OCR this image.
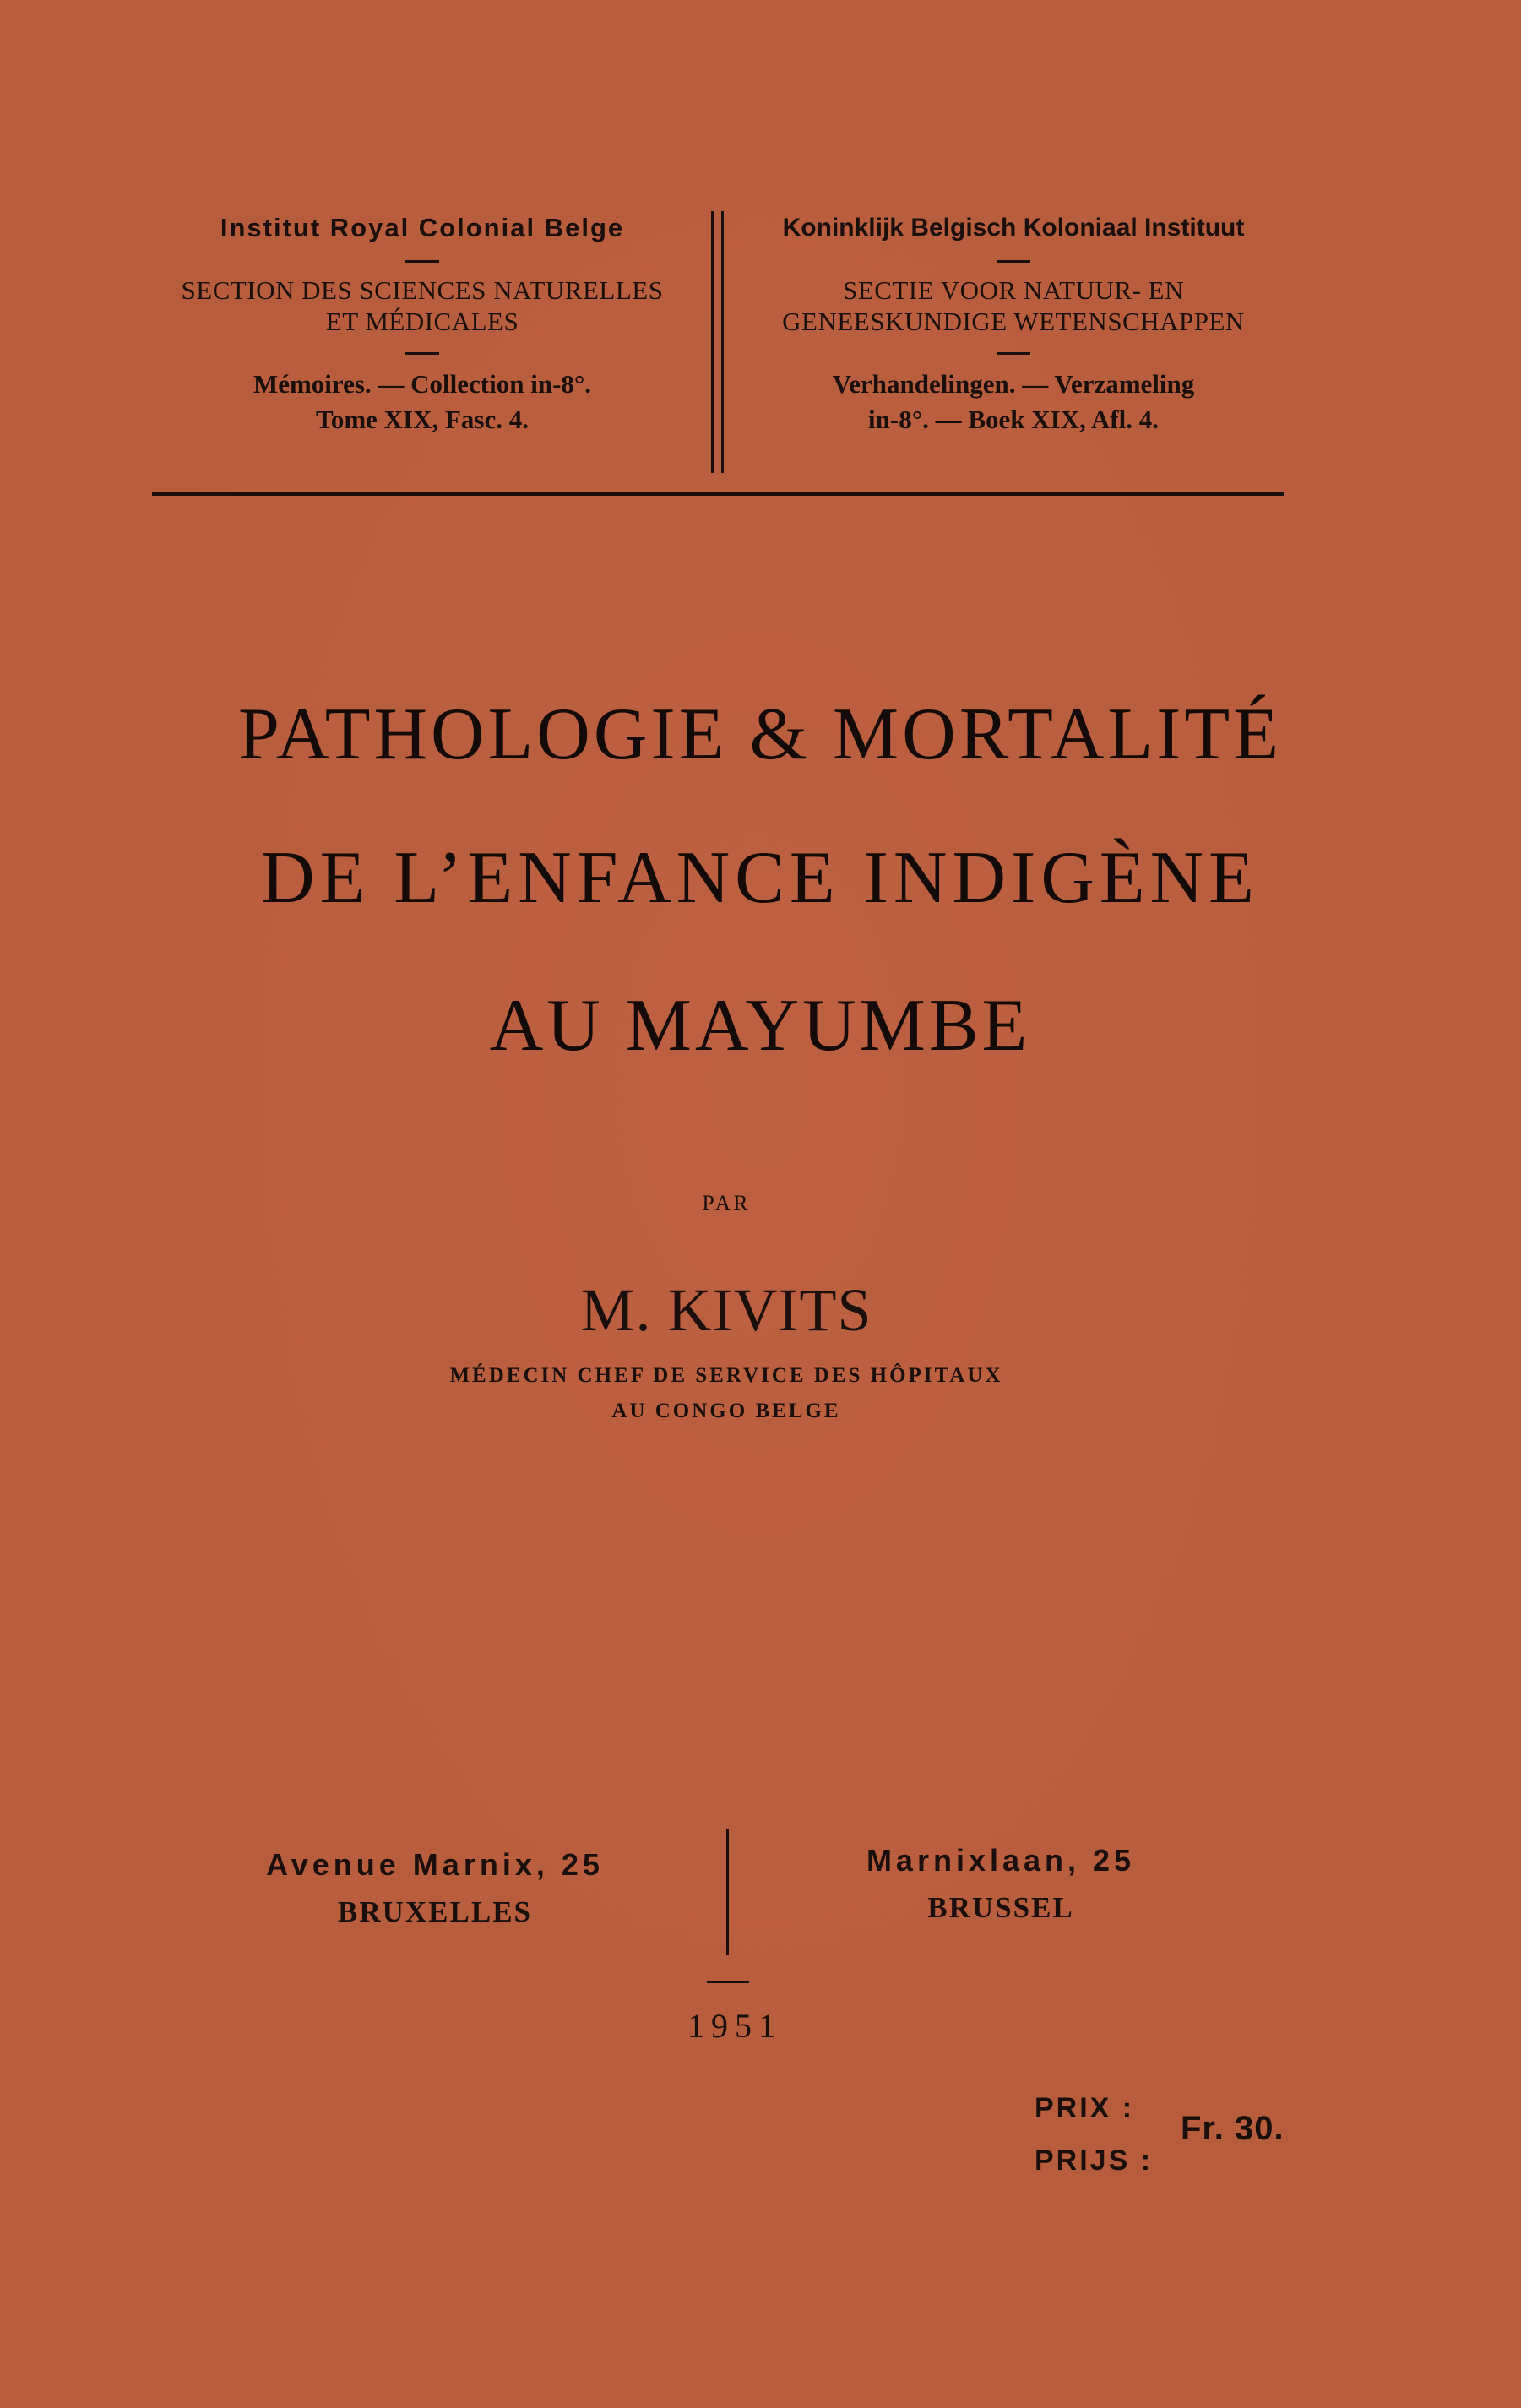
Institut Royal Colonial Belge
SECTION DES SCIENCES NATURELLES
ET MÉDICALES
Mémoires. — Collection in-8°.
Tome XIX, Fasc. 4.
Koninklijk Belgisch Koloniaal Instituut
SECTIE VOOR NATUUR- EN
GENEESKUNDIGE WETENSCHAPPEN
Verhandelingen. — Verzameling
in-8°. — Boek XIX, Afl. 4.
PATHOLOGIE & MORTALITÉ
DE L’ENFANCE INDIGÈNE
AU MAYUMBE
PAR
M. KIVITS
MÉDECIN CHEF DE SERVICE DES HÔPITAUX
AU CONGO BELGE
Avenue Marnix, 25
BRUXELLES
Marnixlaan, 25
BRUSSEL
1951
PRIX :
PRIJS :
Fr. 30.
